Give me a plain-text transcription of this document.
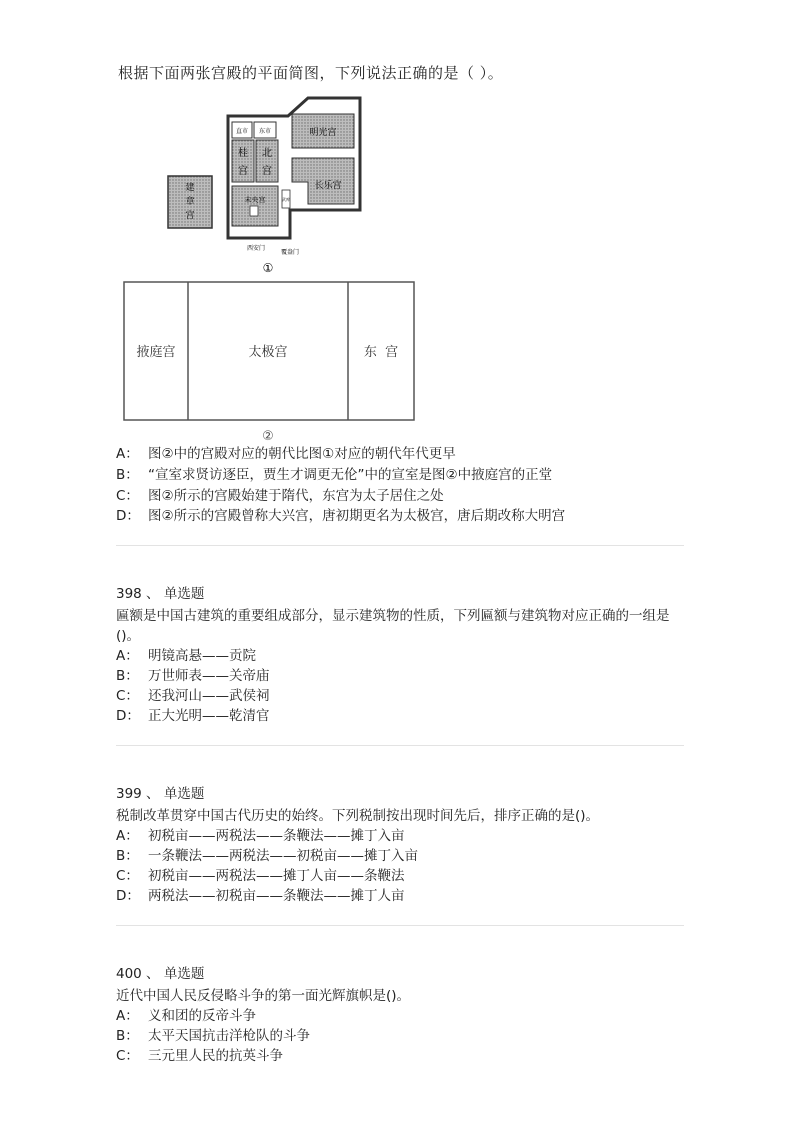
根据下面两张宫殿的平面简图，下列说法正确的是（ ）。
建
章
宫
直市 东市
桂
宫
北
宫
明光宫
长乐宫
未央宫	武库
西安门
覆盎门
①
掖庭宫	太极宫	东  宫
②
A： 图②中的宫殿对应的朝代比图①对应的朝代年代更早
B： “宣室求贤访逐臣，贾生才调更无伦”中的宣室是图②中掖庭宫的正堂
C： 图②所示的宫殿始建于隋代，东宫为太子居住之处
D： 图②所示的宫殿曾称大兴宫，唐初期更名为太极宫，唐后期改称大明宫
398 、 单选题
匾额是中国古建筑的重要组成部分，显示建筑物的性质，下列匾额与建筑物对应正确的一组是()。
A： 明镜高悬——贡院
B： 万世师表——关帝庙
C： 还我河山——武侯祠
D： 正大光明——乾清官
399 、 单选题
税制改革贯穿中国古代历史的始终。下列税制按出现时间先后，排序正确的是()。
A： 初税亩——两税法——条鞭法——摊丁入亩
B： 一条鞭法——两税法——初税亩——摊丁入亩
C： 初税亩——两税法——摊丁人亩——条鞭法
D： 两税法——初税亩——条鞭法——摊丁人亩
400 、 单选题
近代中国人民反侵略斗争的第一面光辉旗帜是()。
A： 义和团的反帝斗争
B： 太平天国抗击洋枪队的斗争
C： 三元里人民的抗英斗争
